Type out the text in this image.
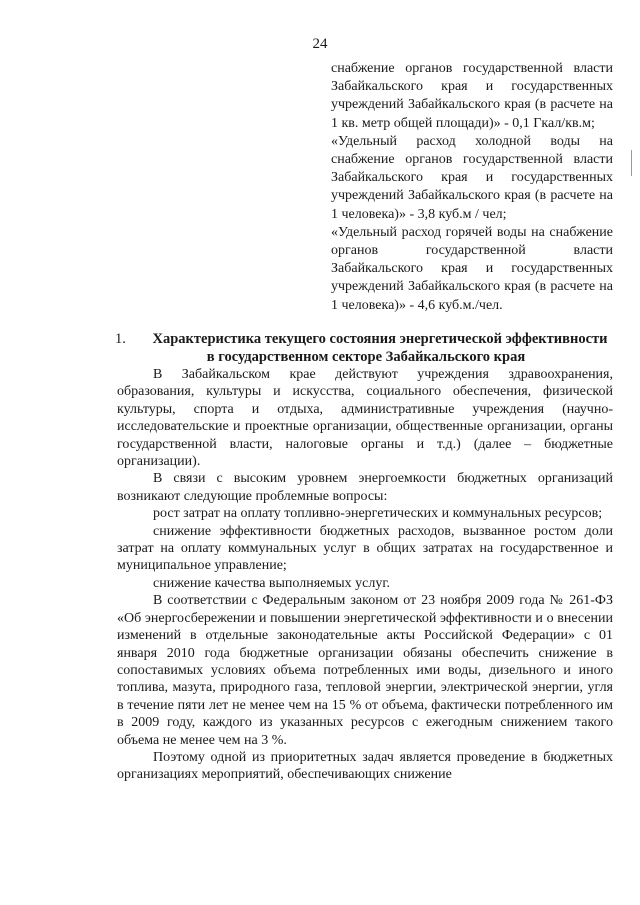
24

снабжение органов государственной власти Забайкальского края и государственных учреждений Забайкальского края (в расчете на 1 кв. метр общей площади)» - 0,1 Гкал/кв.м;

«Удельный расход холодной воды на снабжение органов государственной власти Забайкальского края и государственных учреждений Забайкальского края (в расчете на 1 человека)» - 3,8 куб.м / чел;

«Удельный расход горячей воды на снабжение органов государственной власти Забайкальского края и государственных учреждений Забайкальского края (в расчете на 1 человека)» - 4,6 куб.м./чел.

1.	Характеристика текущего состояния энергетической эффективности
в государственном секторе Забайкальского края

В Забайкальском крае действуют учреждения здравоохранения, образования, культуры и искусства, социального обеспечения, физической культуры, спорта и отдыха, административные учреждения (научно-исследовательские и проектные организации, общественные организации, органы государственной власти, налоговые органы и т.д.) (далее – бюджетные организации).

В связи с высоким уровнем энергоемкости бюджетных организаций возникают следующие проблемные вопросы:

рост затрат на оплату топливно-энергетических и коммунальных ресурсов;

снижение эффективности бюджетных расходов, вызванное ростом доли затрат на оплату коммунальных услуг в общих затратах на государственное и муниципальное управление;

снижение качества выполняемых услуг.

В соответствии с Федеральным законом от 23 ноября 2009 года № 261-ФЗ «Об энергосбережении и повышении энергетической эффективности и о внесении изменений в отдельные законодательные акты Российской Федерации» с 01 января 2010 года бюджетные организации обязаны обеспечить снижение в сопоставимых условиях объема потребленных ими воды, дизельного и иного топлива, мазута, природного газа, тепловой энергии, электрической энергии, угля в течение пяти лет не менее чем на 15 % от объема, фактически потребленного им в 2009 году, каждого из указанных ресурсов с ежегодным снижением такого объема не менее чем на 3 %.

Поэтому одной из приоритетных задач является проведение в бюджетных организациях мероприятий, обеспечивающих снижение
